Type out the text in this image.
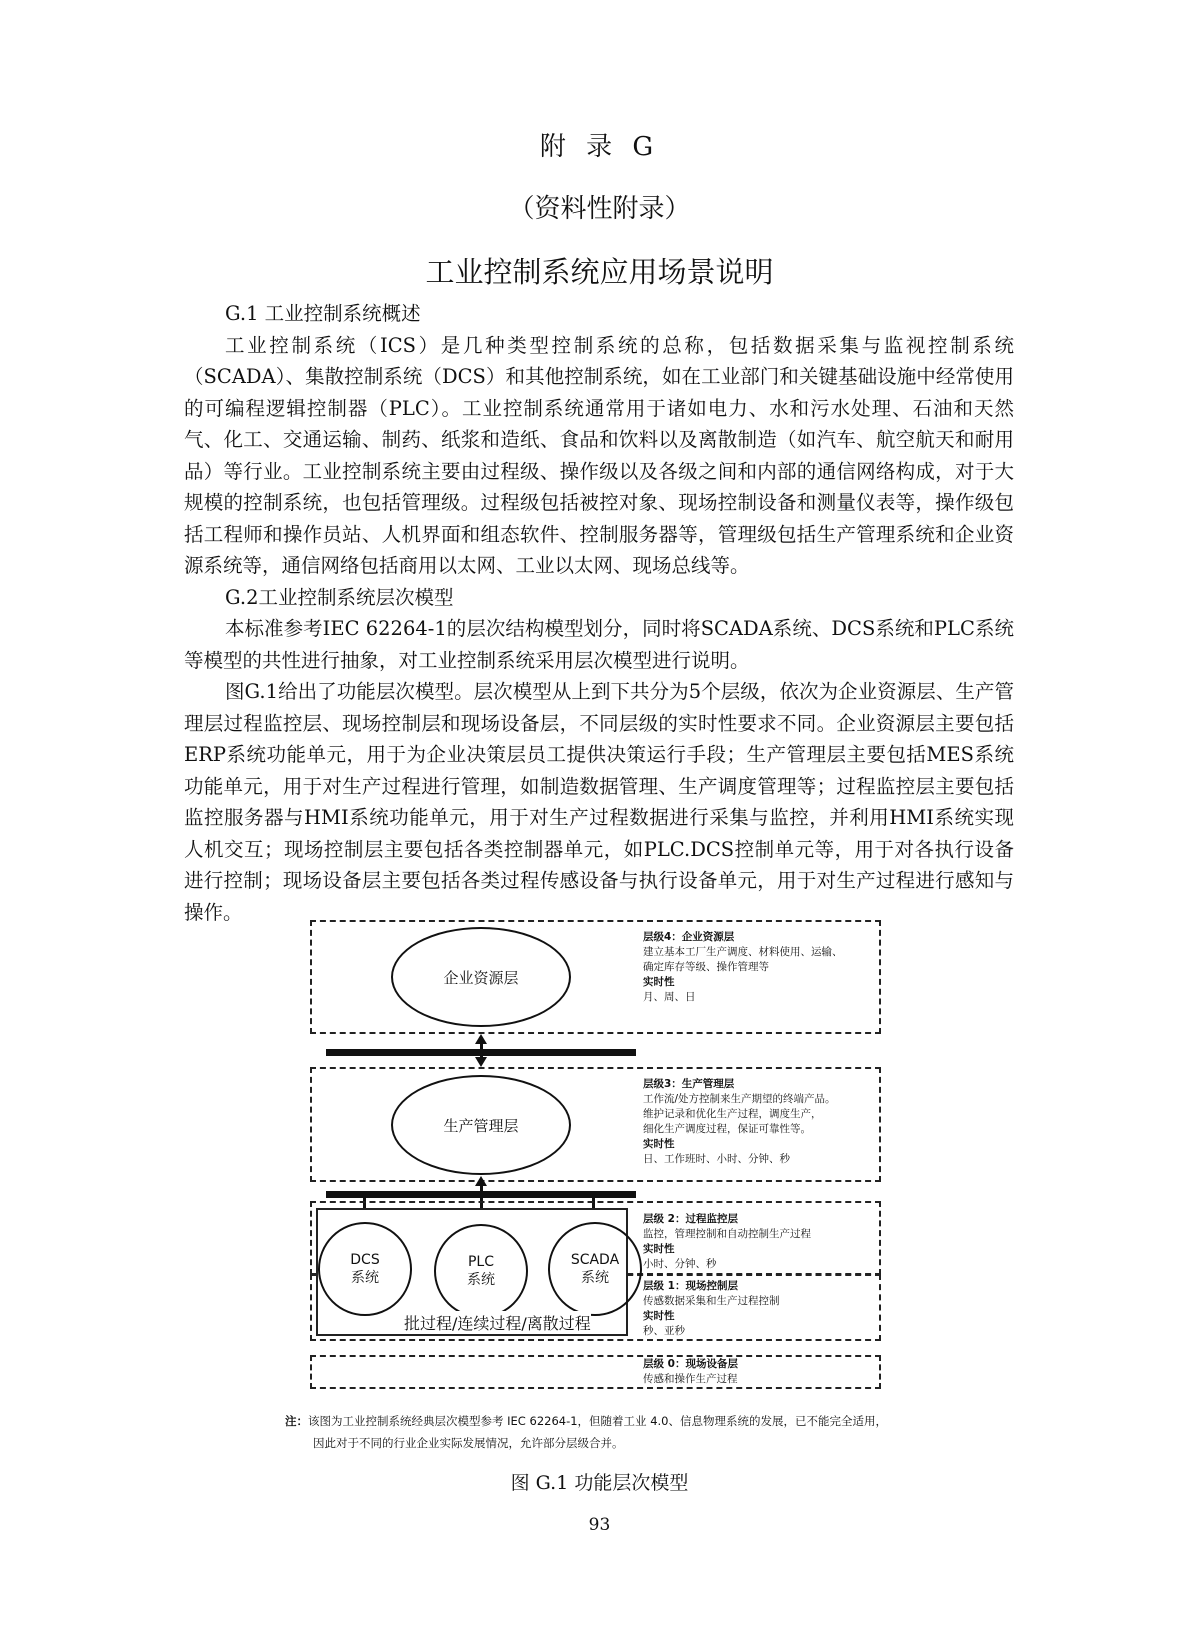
附 录 G
（资料性附录）
工业控制系统应用场景说明

G.1 工业控制系统概述

工业控制系统（ICS）是几种类型控制系统的总称，包括数据采集与监视控制系统（SCADA）、集散控制系统（DCS）和其他控制系统，如在工业部门和关键基础设施中经常使用的可编程逻辑控制器（PLC）。工业控制系统通常用于诸如电力、水和污水处理、石油和天然气、化工、交通运输、制药、纸浆和造纸、食品和饮料以及离散制造（如汽车、航空航天和耐用品）等行业。工业控制系统主要由过程级、操作级以及各级之间和内部的通信网络构成，对于大规模的控制系统，也包括管理级。过程级包括被控对象、现场控制设备和测量仪表等，操作级包括工程师和操作员站、人机界面和组态软件、控制服务器等，管理级包括生产管理系统和企业资源系统等，通信网络包括商用以太网、工业以太网、现场总线等。

G.2工业控制系统层次模型

本标准参考IEC 62264-1的层次结构模型划分，同时将SCADA系统、DCS系统和PLC系统等模型的共性进行抽象，对工业控制系统采用层次模型进行说明。

图G.1给出了功能层次模型。层次模型从上到下共分为5个层级，依次为企业资源层、生产管理层过程监控层、现场控制层和现场设备层，不同层级的实时性要求不同。企业资源层主要包括ERP系统功能单元，用于为企业决策层员工提供决策运行手段；生产管理层主要包括MES系统功能单元，用于对生产过程进行管理，如制造数据管理、生产调度管理等；过程监控层主要包括监控服务器与HMI系统功能单元，用于对生产过程数据进行采集与监控，并利用HMI系统实现人机交互；现场控制层主要包括各类控制器单元，如PLC.DCS控制单元等，用于对各执行设备进行控制；现场设备层主要包括各类过程传感设备与执行设备单元，用于对生产过程进行感知与操作。

企业资源层
层级4：企业资源层
建立基本工厂生产调度、材料使用、运输、
确定库存等级、操作管理等
实时性
月、周、日
生产管理层
层级3：生产管理层
工作流/处方控制来生产期望的终端产品。
维护记录和优化生产过程，调度生产，
细化生产调度过程，保证可靠性等。
实时性
日、工作班时、小时、分钟、秒
DCS
系统
PLC
系统
SCADA
系统
批过程/连续过程/离散过程
层级 2：过程监控层
监控，管理控制和自动控制生产过程
实时性
小时、分钟、秒
层级 1：现场控制层
传感数据采集和生产过程控制
实时性
秒、亚秒
层级 0：现场设备层
传感和操作生产过程
注：该图为工业控制系统经典层次模型参考 IEC 62264-1，但随着工业 4.0、信息物理系统的发展，已不能完全适用，
因此对于不同的行业企业实际发展情况，允许部分层级合并。
图 G.1 功能层次模型
93
